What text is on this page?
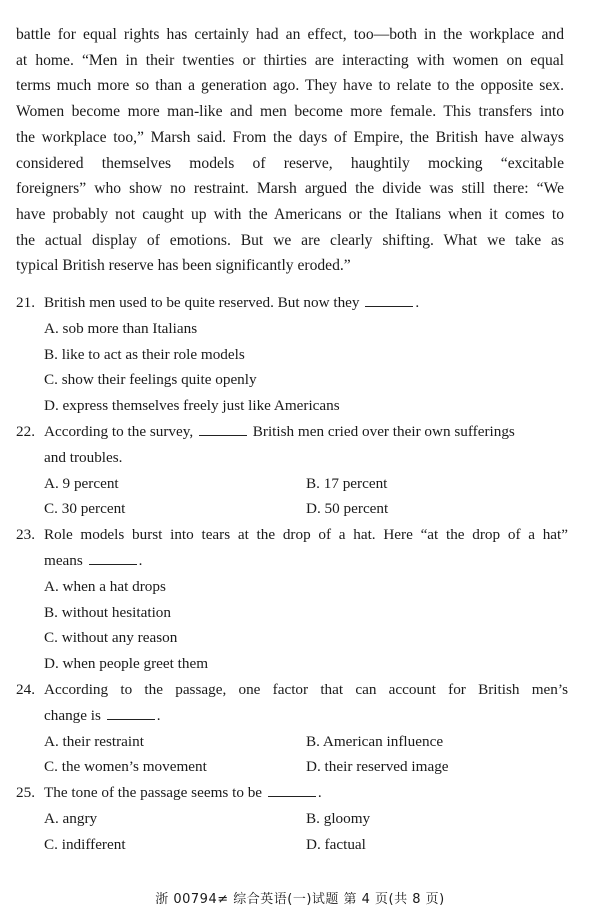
battle for equal rights has certainly had an effect, too—both in the workplace and
at home. “Men in their twenties or thirties are interacting with women on equal
terms much more so than a generation ago. They have to relate to the opposite sex.
Women become more man-like and men become more female. This transfers into
the workplace too,” Marsh said. From the days of Empire, the British have always
considered themselves models of reserve, haughtily mocking “excitable
foreigners” who show no restraint. Marsh argued the divide was still there: “We
have probably not caught up with the Americans or the Italians when it comes to
the actual display of emotions. But we are clearly shifting. What we take as
typical British reserve has been significantly eroded.”
21. British men used to be quite reserved. But now they	.
A. sob more than Italians
B. like to act as their role models
C. show their feelings quite openly
D. express themselves freely just like Americans
22. According to the survey,	British men cried over their own sufferings
and troubles.
A. 9 percent	B. 17 percent
C. 30 percent	D. 50 percent
23. Role models burst into tears at the drop of a hat. Here “at the drop of a hat”
means	.
A. when a hat drops
B. without hesitation
C. without any reason
D. when people greet them
24. According to the passage, one factor that can account for British men’s
change is	.
A. their restraint	B. American influence
C. the women’s movement	D. their reserved image
25. The tone of the passage seems to be	.
A. angry	B. gloomy
C. indifferent	D. factual
浙 00794≠ 综合英语(一)试题 第 4 页(共 8 页)
